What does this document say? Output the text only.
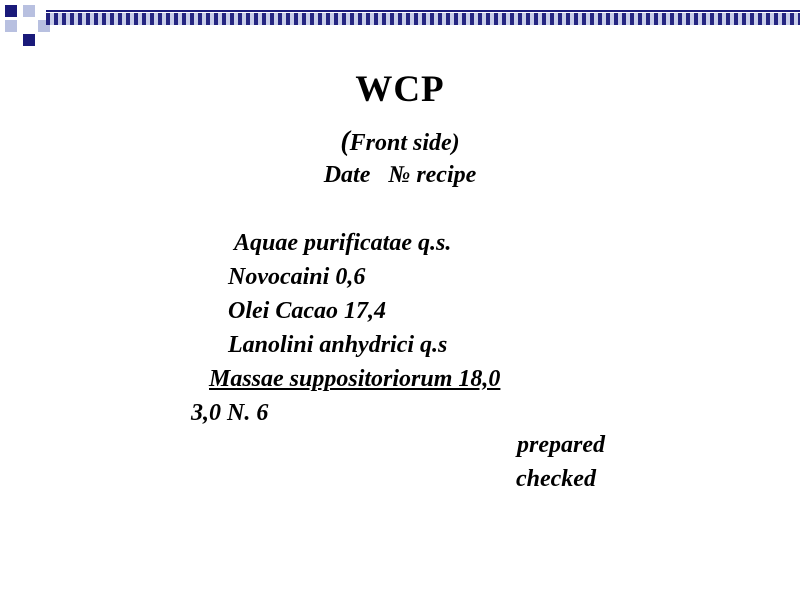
WCP
(Front side)
Date   № recipe
Aquae purificatae q.s.
Novocaini 0,6
Olei Cacao 17,4
Lanolini anhydrici q.s
Massae suppositoriorum 18,0
3,0 N. 6
prepared
checked
